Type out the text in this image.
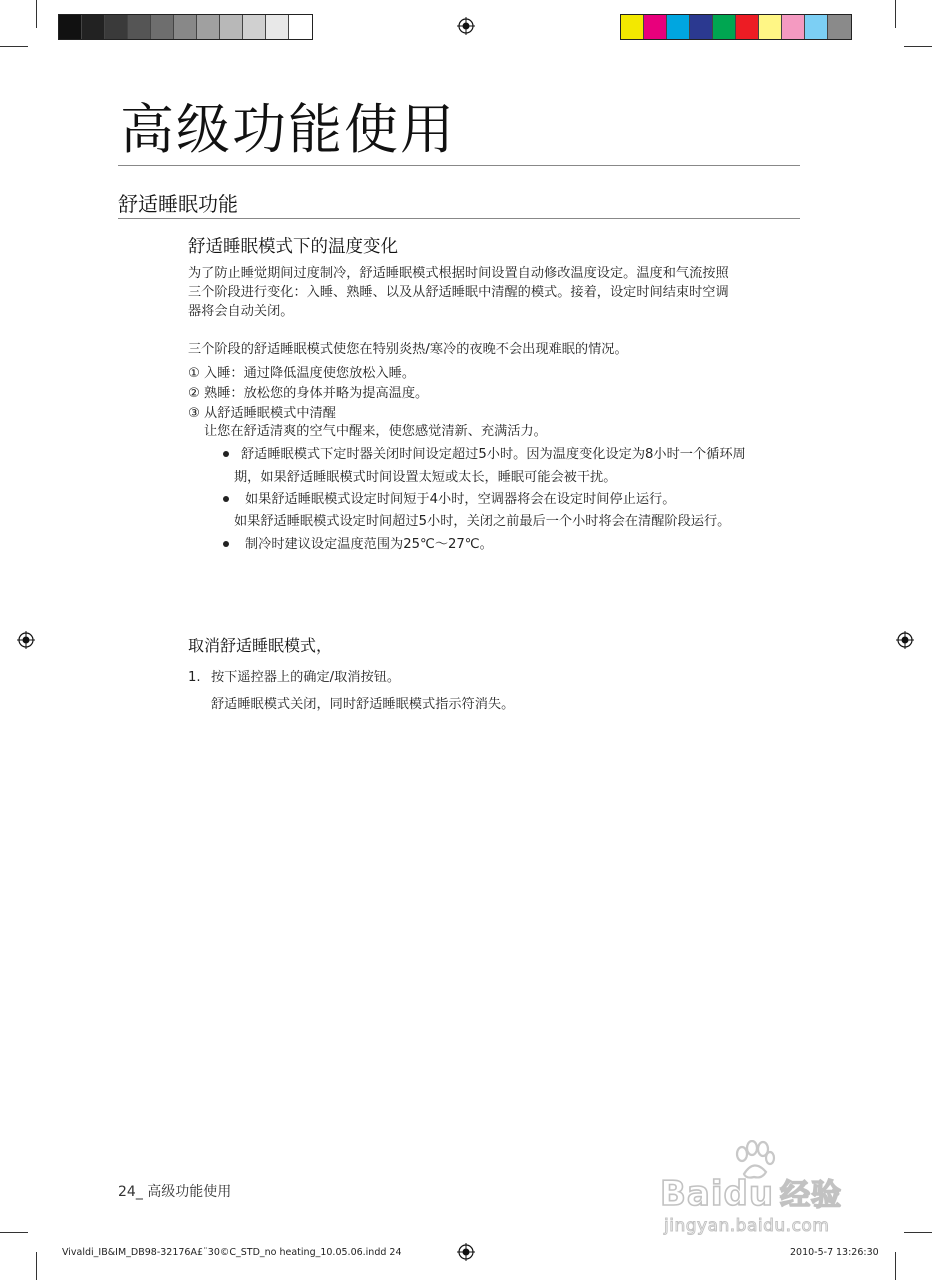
高级功能使用
舒适睡眠功能
舒适睡眠模式下的温度变化
为了防止睡觉期间过度制冷，舒适睡眠模式根据时间设置自动修改温度设定。温度和气流按照
三个阶段进行变化：入睡、熟睡、以及从舒适睡眠中清醒的模式。接着，设定时间结束时空调
器将会自动关闭。
三个阶段的舒适睡眠模式使您在特别炎热/寒冷的夜晚不会出现难眠的情况。
① 入睡：通过降低温度使您放松入睡。
② 熟睡：放松您的身体并略为提高温度。
③ 从舒适睡眠模式中清醒
让您在舒适清爽的空气中醒来，使您感觉清新、充满活力。
舒适睡眠模式下定时器关闭时间设定超过5小时。因为温度变化设定为8小时一个循环周
期，如果舒适睡眠模式时间设置太短或太长，睡眠可能会被干扰。
如果舒适睡眠模式设定时间短于4小时，空调器将会在设定时间停止运行。
如果舒适睡眠模式设定时间超过5小时，关闭之前最后一个小时将会在清醒阶段运行。
制冷时建议设定温度范围为25℃～27℃。
取消舒适睡眠模式，
1. 按下遥控器上的确定/取消按钮。
舒适睡眠模式关闭，同时舒适睡眠模式指示符消失。
24_ 高级功能使用
Vivaldi_IB&IM_DB98-32176A£¨30©C_STD_no heating_10.05.06.indd 24	2010-5-7 13:26:30
Baidu 经验
jingyan.baidu.com
